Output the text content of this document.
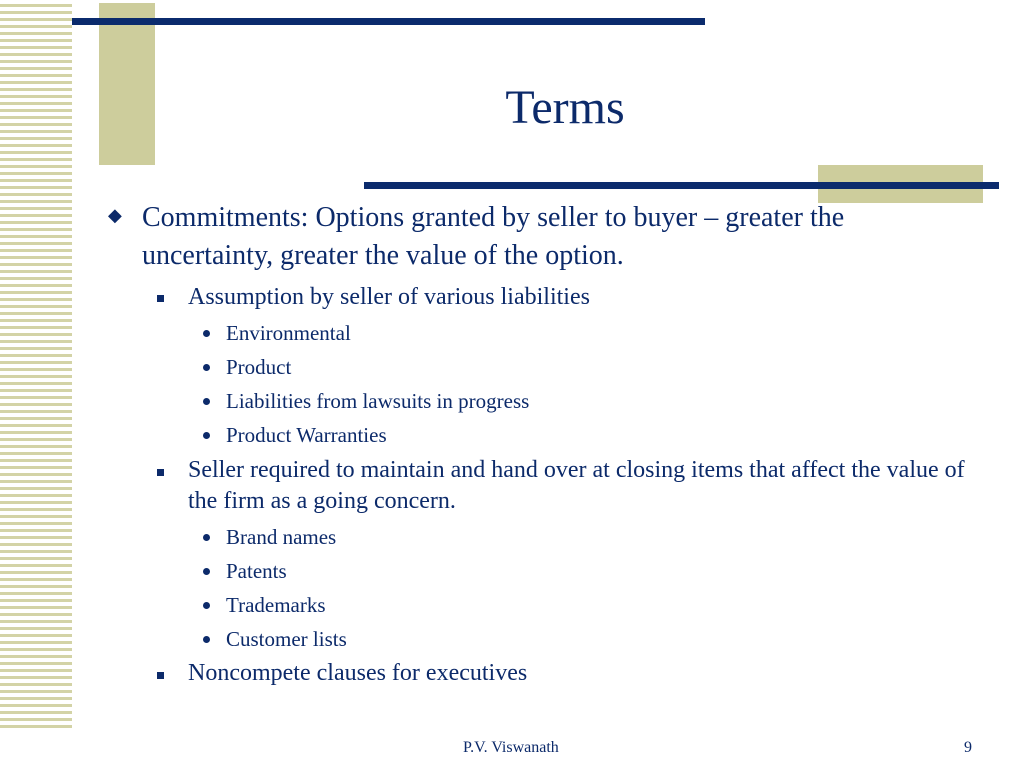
Terms
◆ Commitments: Options granted by seller to buyer – greater the uncertainty, greater the value of the option.
Assumption by seller of various liabilities
Environmental
Product
Liabilities from lawsuits in progress
Product Warranties
Seller required to maintain and hand over at closing items that affect the value of the firm as a going concern.
Brand names
Patents
Trademarks
Customer lists
Noncompete clauses for executives
P.V. Viswanath	9
